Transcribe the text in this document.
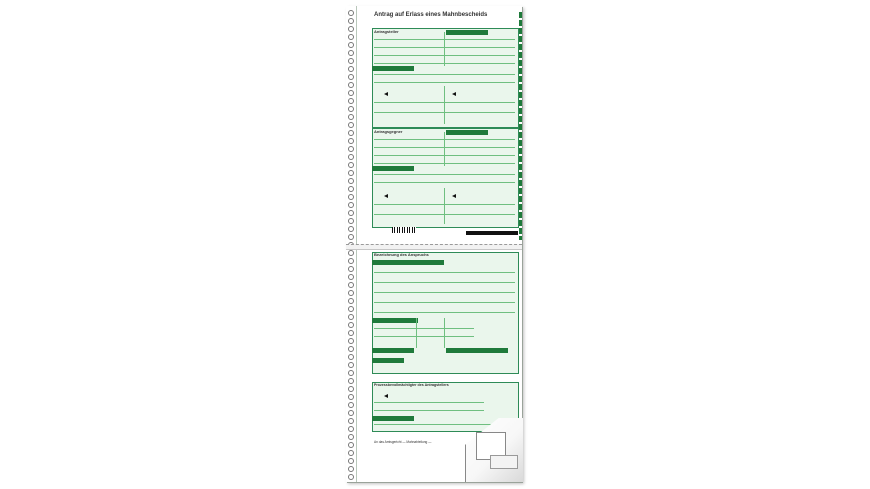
Antrag auf Erlass eines Mahnbescheids
Antragsteller
Antragsgegner
Bezeichnung des Anspruchs
Prozessbevollmächtigter des Antragstellers
An das Amtsgericht — Mahnabteilung —
